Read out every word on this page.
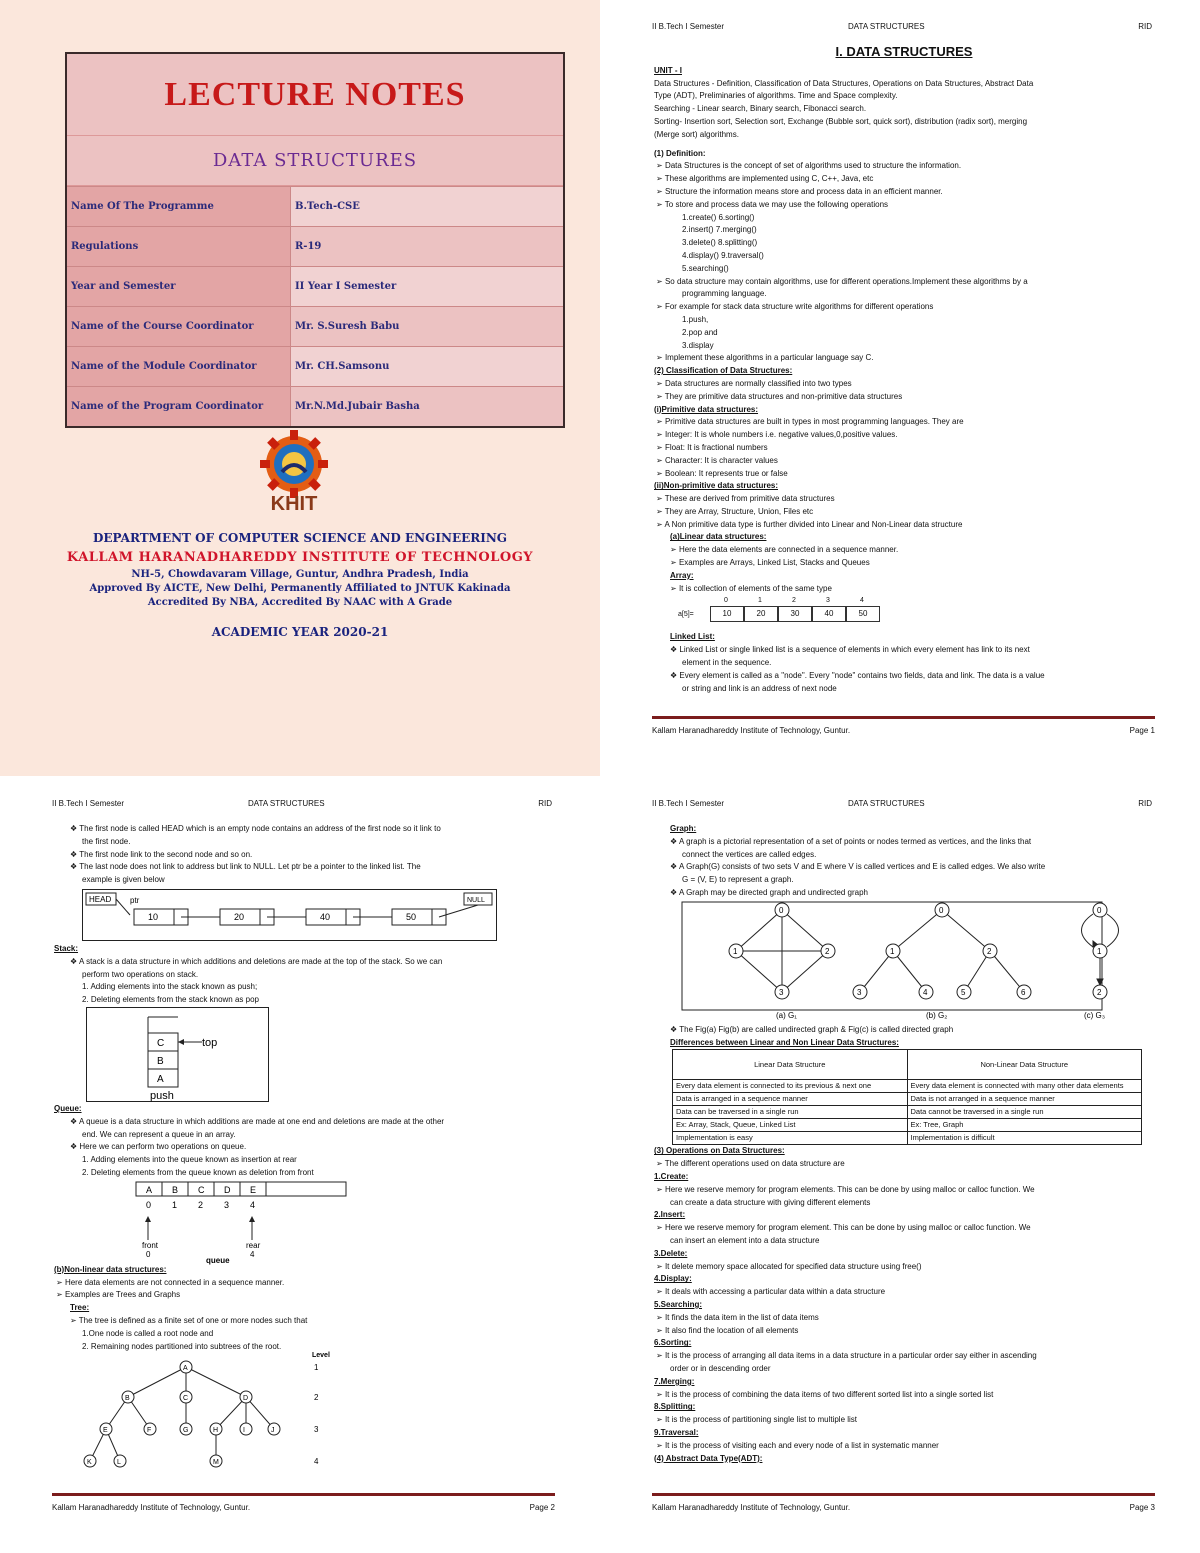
LECTURE NOTES
DATA STRUCTURES
Name Of The Programme	B.Tech-CSE
Regulations	R-19
Year and Semester	II Year I Semester
Name of the Course Coordinator	Mr. S.Suresh Babu
Name of the Module Coordinator	Mr. CH.Samsonu
Name of the Program Coordinator	Mr.N.Md.Jubair Basha
KHIT
DEPARTMENT OF COMPUTER SCIENCE AND ENGINEERING
KALLAM HARANADHAREDDY INSTITUTE OF TECHNOLOGY
NH-5, Chowdavaram Village, Guntur, Andhra Pradesh, India
Approved By AICTE, New Delhi, Permanently Affiliated to JNTUK Kakinada
Accredited By NBA, Accredited By NAAC with A Grade
ACADEMIC YEAR 2020-21
II B.Tech I Semester	DATA STRUCTURES	RID
I. DATA STRUCTURES
UNIT - I
Data Structures - Definition, Classification of Data Structures, Operations on Data Structures, Abstract Data
Type (ADT), Preliminaries of algorithms. Time and Space complexity.
Searching - Linear search, Binary search, Fibonacci search.
Sorting- Insertion sort, Selection sort, Exchange (Bubble sort, quick sort), distribution (radix sort), merging
(Merge sort) algorithms.
(1) Definition:
➢ Data Structures is the concept of set of algorithms used to structure the information.
➢ These algorithms are implemented using C, C++, Java, etc
➢ Structure the information means store and process data in an efficient manner.
➢ To store and process data we may use the following operations
1.create() 6.sorting()
2.insert() 7.merging()
3.delete() 8.splitting()
4.display() 9.traversal()
5.searching()
➢ So data structure may contain algorithms, use for different operations.Implement these algorithms by a
programming language.
➢ For example for stack data structure write algorithms for different operations
1.push,
2.pop and
3.display
➢ Implement these algorithms in a particular language say C.
(2) Classification of Data Structures:
➢ Data structures are normally classified into two types
➢ They are primitive data structures and non-primitive data structures
(i)Primitive data structures:
➢ Primitive data structures are built in types in most programming languages. They are
➢ Integer: It is whole numbers i.e. negative values,0,positive values.
➢ Float: It is fractional numbers
➢ Character: It is character values
➢ Boolean: It represents true or false
(ii)Non-primitive data structures:
➢ These are derived from primitive data structures
➢ They are Array, Structure, Union, Files etc
➢ A Non primitive data type is further divided into Linear and Non-Linear data structure
(a)Linear data structures:
➢ Here the data elements are connected in a sequence manner.
➢ Examples are Arrays, Linked List, Stacks and Queues
Array:
➢ It is collection of elements of the same type
a[5]=
0
10
1
20
2
30
3
40
4
50
Linked List:
❖ Linked List or single linked list is a sequence of elements in which every element has link to its next
element in the sequence.
❖ Every element is called as a "node". Every "node" contains two fields, data and link. The data is a value
or string and link is an address of next node
Kallam Haranadhareddy Institute of Technology, Guntur.	Page 1
II B.Tech I Semester	DATA STRUCTURES	RID
❖ The first node is called HEAD which is an empty node contains an address of the first node so it link to
the first node.
❖ The first node link to the second node and so on.
❖ The last node does not link to address but link to NULL. Let ptr be a pointer to the linked list. The
example is given below
HEAD ptr	NULL
10	20	40	50
Stack:
❖ A stack is a data structure in which additions and deletions are made at the top of the stack. So we can
perform two operations on stack.
1. Adding elements into the stack known as push;
2. Deleting elements from the stack known as pop
C
B
A
top
push
Queue:
❖ A queue is a data structure in which additions are made at one end and deletions are made at the other
end. We can represent a queue in an array.
❖ Here we can perform two operations on queue.
1. Adding elements into the queue known as insertion at rear
2. Deleting elements from the queue known as deletion from front
A
0
B
1
C
2
D
3
E
4
front
0
rear
4
queue
(b)Non-linear data structures:
➢ Here data elements are not connected in a sequence manner.
➢ Examples are Trees and Graphs
Tree:
➢ The tree is defined as a finite set of one or more nodes such that
1.One node is called a root node and
2. Remaining nodes partitioned into subtrees of the root.
A
B	C	D
E	F	G	H	I	J
K	L	M
Level
1
2
3
4
Kallam Haranadhareddy Institute of Technology, Guntur.	Page 2
II B.Tech I Semester	DATA STRUCTURES	RID
Graph:
❖ A graph is a pictorial representation of a set of points or nodes termed as vertices, and the links that
connect the vertices are called edges.
❖ A Graph(G) consists of two sets V and E where V is called vertices and E is called edges. We also write
G = (V, E) to represent a graph.
❖ A Graph may be directed graph and undirected graph
0
1	2
3
0
1	2
3	4	5	6
0
1
2
(a) G₁	(b) G₂	(c) G₃
❖ The Fig(a) Fig(b) are called undirected graph & Fig(c) is called directed graph
Differences between Linear and Non Linear Data Structures:
Linear Data Structure	Non-Linear Data Structure
Every data element is connected to its previous & next one	Every data element is connected with many other data elements
Data is arranged in a sequence manner	Data is not arranged in a sequence manner
Data can be traversed in a single run	Data cannot be traversed in a single run
Ex: Array, Stack, Queue, Linked List	Ex: Tree, Graph
Implementation is easy	Implementation is difficult
(3) Operations on Data Structures:
➢ The different operations used on data structure are
1.Create:
➢ Here we reserve memory for program elements. This can be done by using malloc or calloc function. We
can create a data structure with giving different elements
2.Insert:
➢ Here we reserve memory for program element. This can be done by using malloc or calloc function. We
can insert an element into a data structure
3.Delete:
➢ It delete memory space allocated for specified data structure using free()
4.Display:
➢ It deals with accessing a particular data within a data structure
5.Searching:
➢ It finds the data item in the list of data items
➢ It also find the location of all elements
6.Sorting:
➢ It is the process of arranging all data items in a data structure in a particular order say either in ascending
order or in descending order
7.Merging:
➢ It is the process of combining the data items of two different sorted list into a single sorted list
8.Splitting:
➢ It is the process of partitioning single list to multiple list
9.Traversal:
➢ It is the process of visiting each and every node of a list in systematic manner
(4) Abstract Data Type(ADT):
Kallam Haranadhareddy Institute of Technology, Guntur.	Page 3
